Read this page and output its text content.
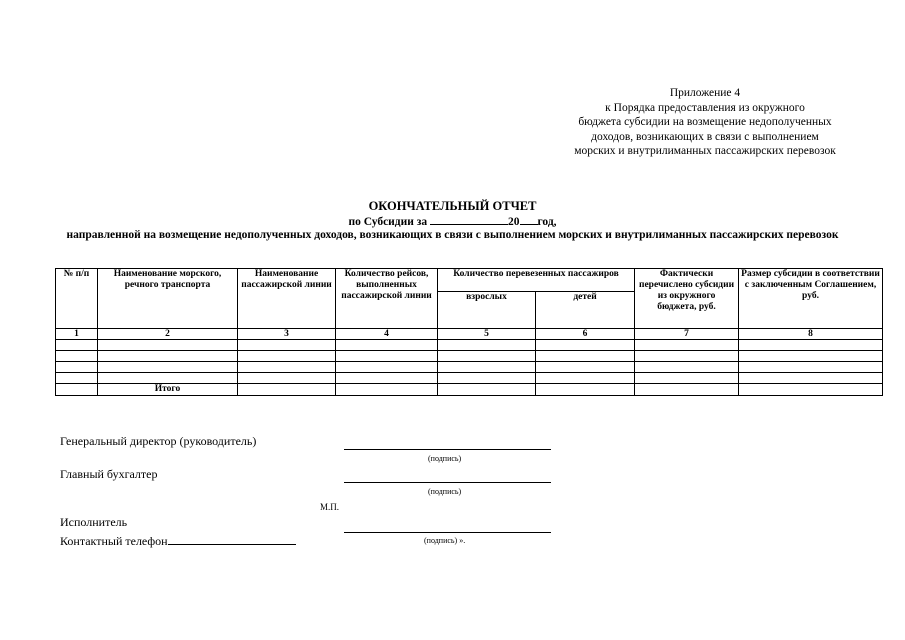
Приложение 4
к Порядка предоставления из окружного
бюджета субсидии на возмещение недополученных
доходов, возникающих в связи с выполнением
морских и внутрилиманных пассажирских перевозок
ОКОНЧАТЕЛЬНЫЙ ОТЧЕТ
по Субсидии за	20 год,
направленной на возмещение недополученных доходов, возникающих в связи с выполнением морских и внутрилиманных пассажирских перевозок
№ п/п	Наименование морского, речного транспорта	Наименование пассажирской линии	Количество рейсов, выполненных пассажирской линии	Количество перевезенных пассажиров		Фактически перечислено субсидии из окружного бюджета, руб.	Размер субсидии в соответствии с заключенным Соглашением, руб.
				взрослых	детей		
1	2	3	4	5	6	7	8

	Итого						
Генеральный директор (руководитель)
(подпись)
Главный бухгалтер
(подпись)
М.П.
Исполнитель
Контактный телефон	(подпись) ».
